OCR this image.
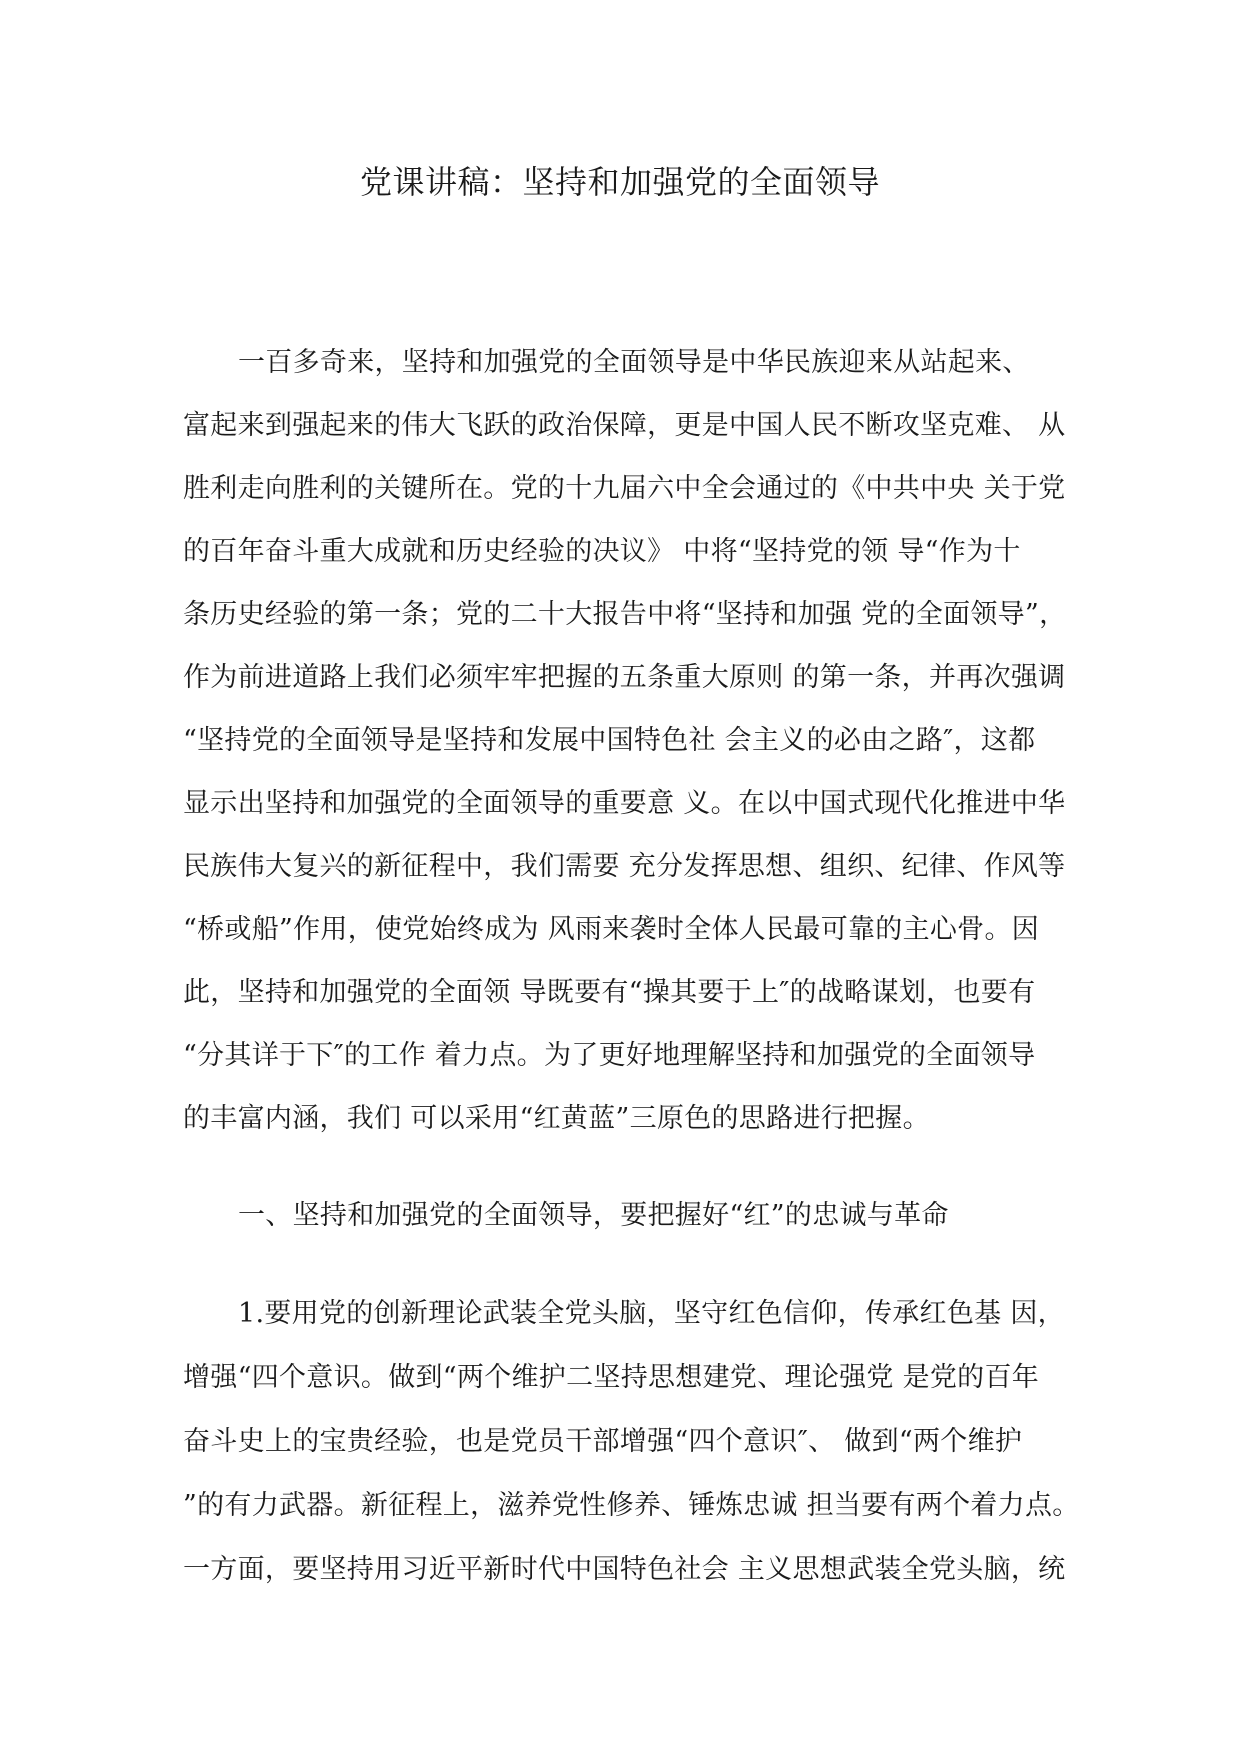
党课讲稿：坚持和加强党的全面领导
一百多奇来，坚持和加强党的全面领导是中华民族迎来从站起来、
富起来到强起来的伟大飞跃的政治保障，更是中国人民不断攻坚克难、 从
胜利走向胜利的关键所在。党的十九届六中全会通过的《中共中央 关于党
的百年奋斗重大成就和历史经验的决议》 中将“坚持党的领 导“作为十
条历史经验的第一条；党的二十大报告中将“坚持和加强 党的全面领导”，
作为前进道路上我们必须牢牢把握的五条重大原则 的第一条，并再次强调
“坚持党的全面领导是坚持和发展中国特色社 会主义的必由之路″，这都
显示出坚持和加强党的全面领导的重要意 义。在以中国式现代化推进中华
民族伟大复兴的新征程中，我们需要 充分发挥思想、组织、纪律、作风等
“桥或船”作用，使党始终成为 风雨来袭时全体人民最可靠的主心骨。因
此，坚持和加强党的全面领 导既要有“操其要于上″的战略谋划，也要有
“分其详于下″的工作 着力点。为了更好地理解坚持和加强党的全面领导
的丰富内涵，我们 可以采用“红黄蓝”三原色的思路进行把握。
一、坚持和加强党的全面领导，要把握好“红”的忠诚与革命
1.要用党的创新理论武装全党头脑，坚守红色信仰，传承红色基 因，
增强“四个意识。做到“两个维护二坚持思想建党、理论强党 是党的百年
奋斗史上的宝贵经验，也是党员干部增强“四个意识″、 做到“两个维护
”的有力武器。新征程上，滋养党性修养、锤炼忠诚 担当要有两个着力点。
一方面，要坚持用习近平新时代中国特色社会 主义思想武装全党头脑，统
